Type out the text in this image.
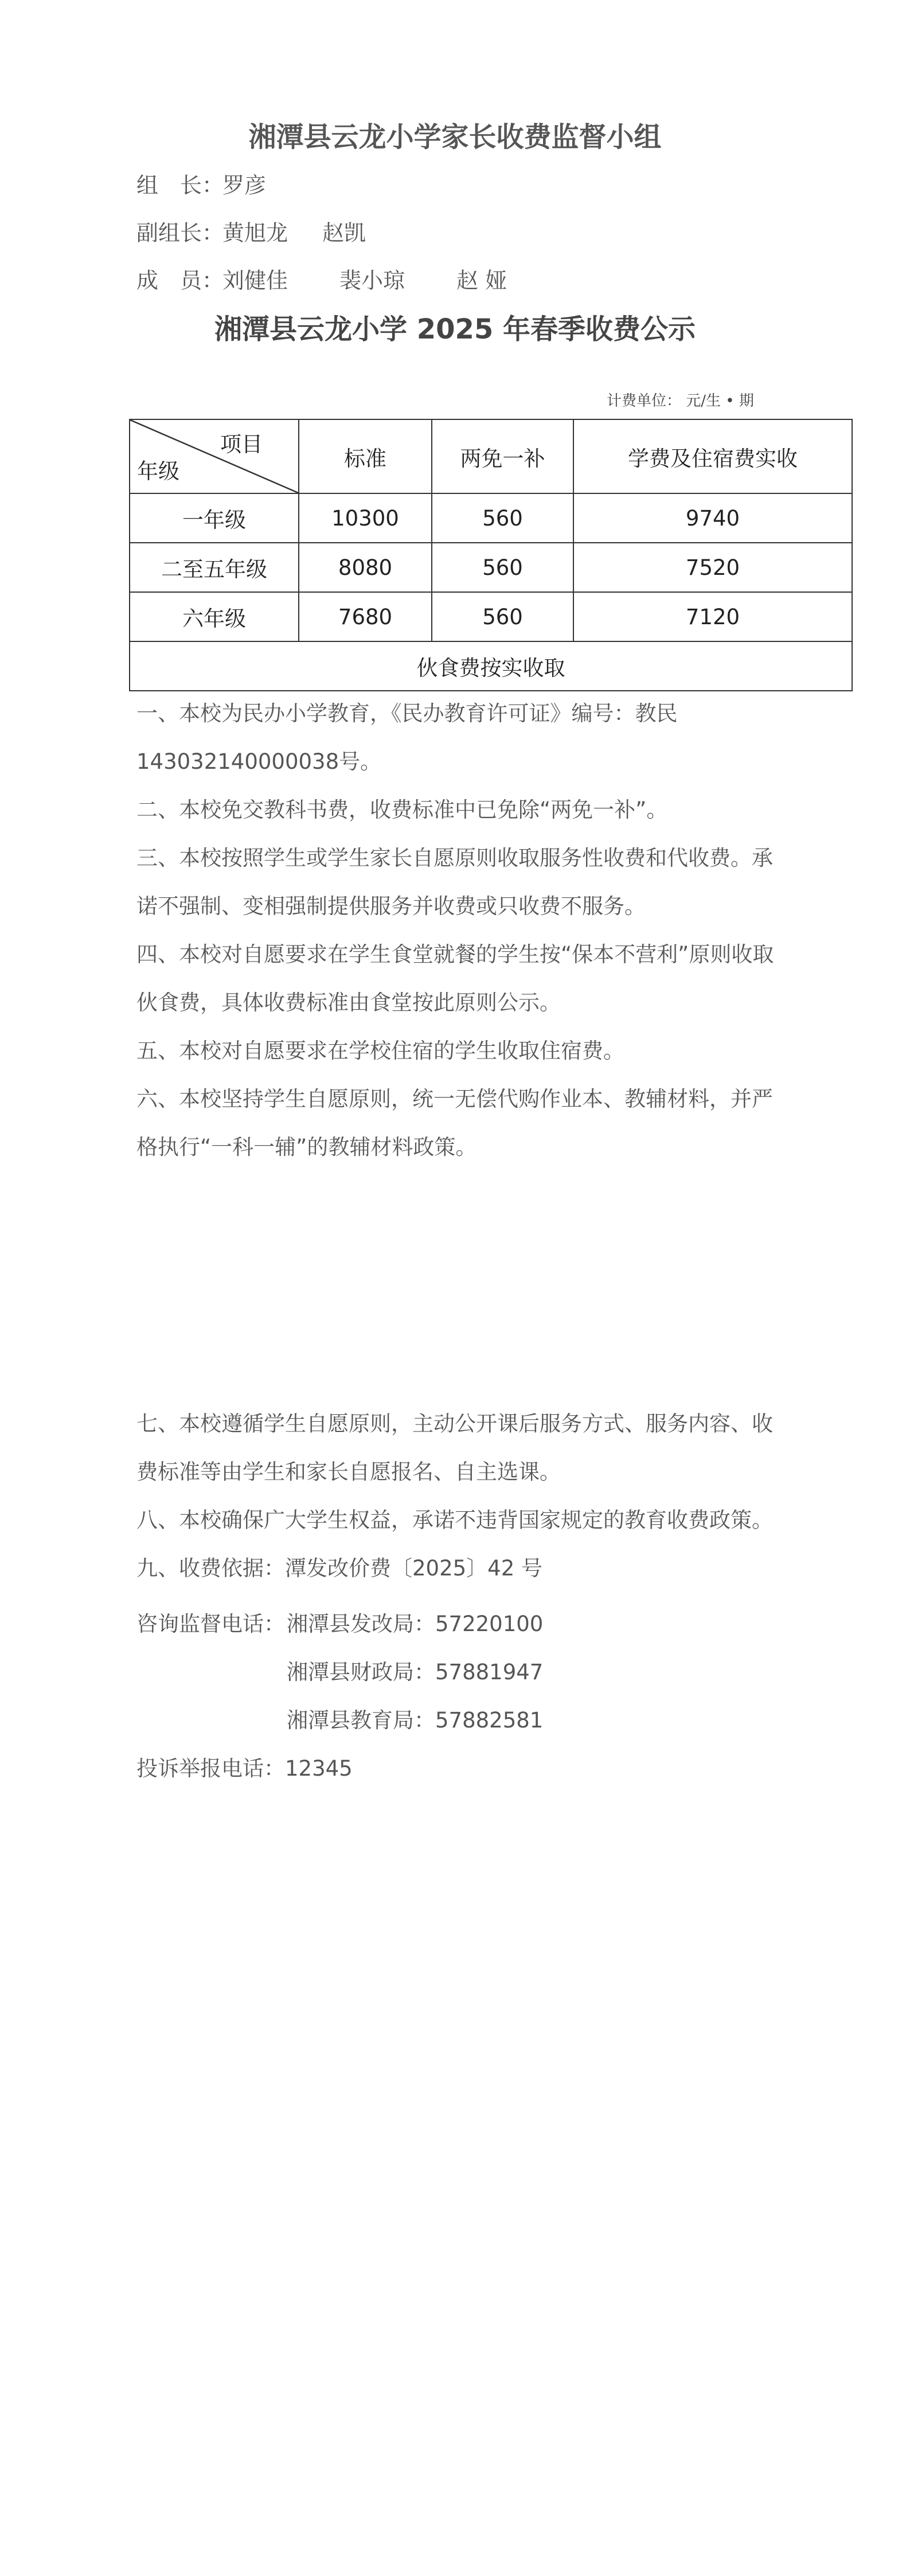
湘潭县云龙小学家长收费监督小组
组　长：罗彦
副组长：黄旭龙 赵凯
成　员：刘健佳 裴小琼 赵 娅
湘潭县云龙小学 2025 年春季收费公示
计费单位： 元/生 • 期
项目
年级	标准	两免一补	学费及住宿费实收
一年级	10300	560	9740
二至五年级	8080	560	7520
六年级	7680	560	7120
伙食费按实收取			
一、本校为民办小学教育，《民办教育许可证》编号：教民143032140000038号。
二、本校免交教科书费，收费标准中已免除“两免一补”。
三、本校按照学生或学生家长自愿原则收取服务性收费和代收费。承诺不强制、变相强制提供服务并收费或只收费不服务。
四、本校对自愿要求在学生食堂就餐的学生按“保本不营利”原则收取伙食费，具体收费标准由食堂按此原则公示。
五、本校对自愿要求在学校住宿的学生收取住宿费。
六、本校坚持学生自愿原则，统一无偿代购作业本、教辅材料，并严格执行“一科一辅”的教辅材料政策。
七、本校遵循学生自愿原则，主动公开课后服务方式、服务内容、收费标准等由学生和家长自愿报名、自主选课。
八、本校确保广大学生权益，承诺不违背国家规定的教育收费政策。
九、收费依据：潭发改价费〔2025〕42 号
咨询监督电话： 湘潭县发改局：57220100
湘潭县财政局：57881947
湘潭县教育局：57882581
投诉举报电话：12345
